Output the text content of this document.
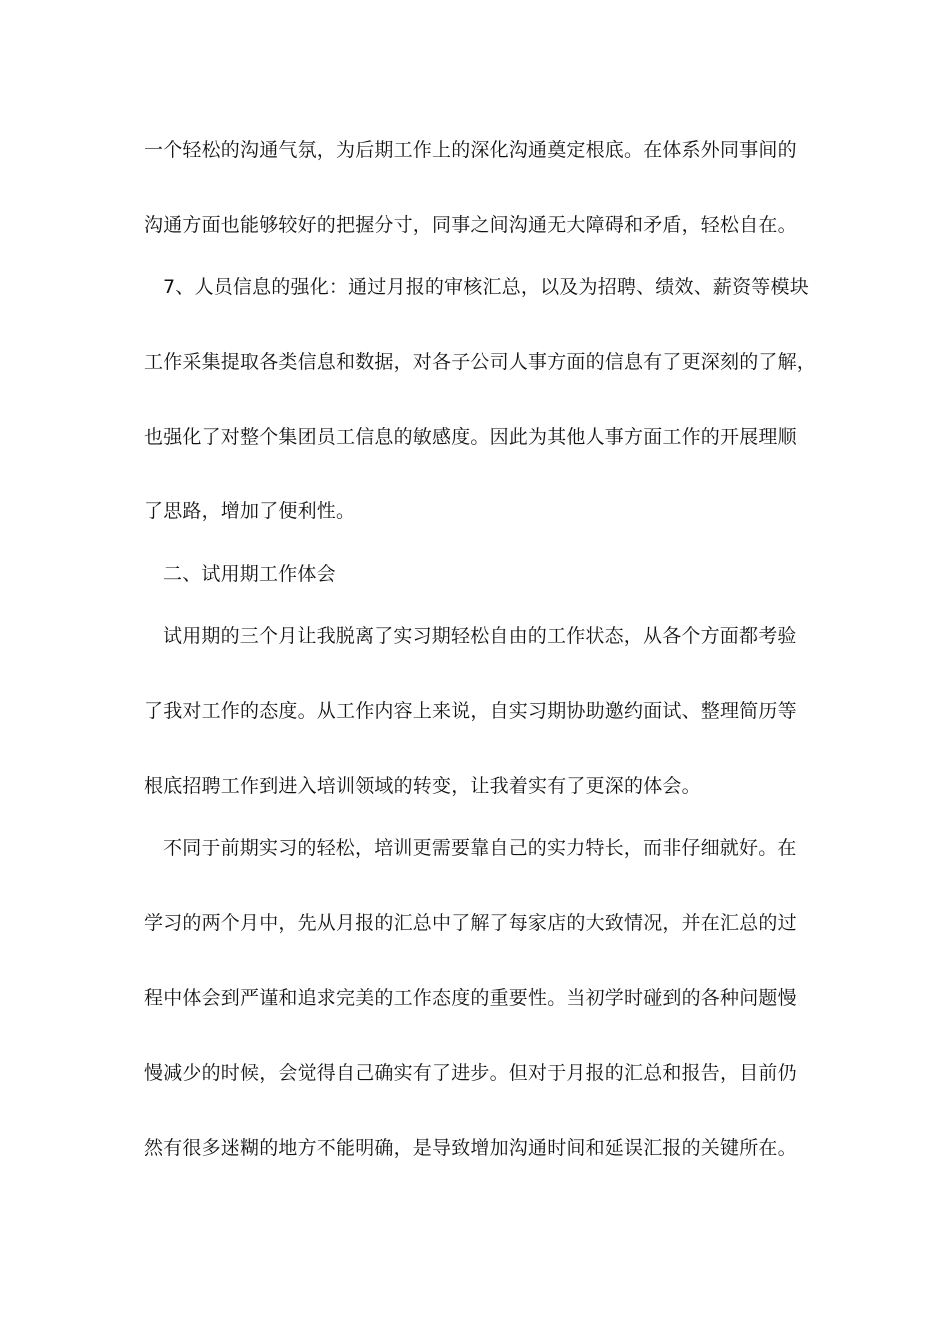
一个轻松的沟通气氛，为后期工作上的深化沟通奠定根底。在体系外同事间的
沟通方面也能够较好的把握分寸，同事之间沟通无大障碍和矛盾，轻松自在。
7、人员信息的强化：通过月报的审核汇总，以及为招聘、绩效、薪资等模块
工作采集提取各类信息和数据，对各子公司人事方面的信息有了更深刻的了解，
也强化了对整个集团员工信息的敏感度。因此为其他人事方面工作的开展理顺
了思路，增加了便利性。
二、试用期工作体会
试用期的三个月让我脱离了实习期轻松自由的工作状态，从各个方面都考验
了我对工作的态度。从工作内容上来说，自实习期协助邀约面试、整理简历等
根底招聘工作到进入培训领域的转变，让我着实有了更深的体会。
不同于前期实习的轻松，培训更需要靠自己的实力特长，而非仔细就好。在
学习的两个月中，先从月报的汇总中了解了每家店的大致情况，并在汇总的过
程中体会到严谨和追求完美的工作态度的重要性。当初学时碰到的各种问题慢
慢减少的时候，会觉得自己确实有了进步。但对于月报的汇总和报告，目前仍
然有很多迷糊的地方不能明确，是导致增加沟通时间和延误汇报的关键所在。
